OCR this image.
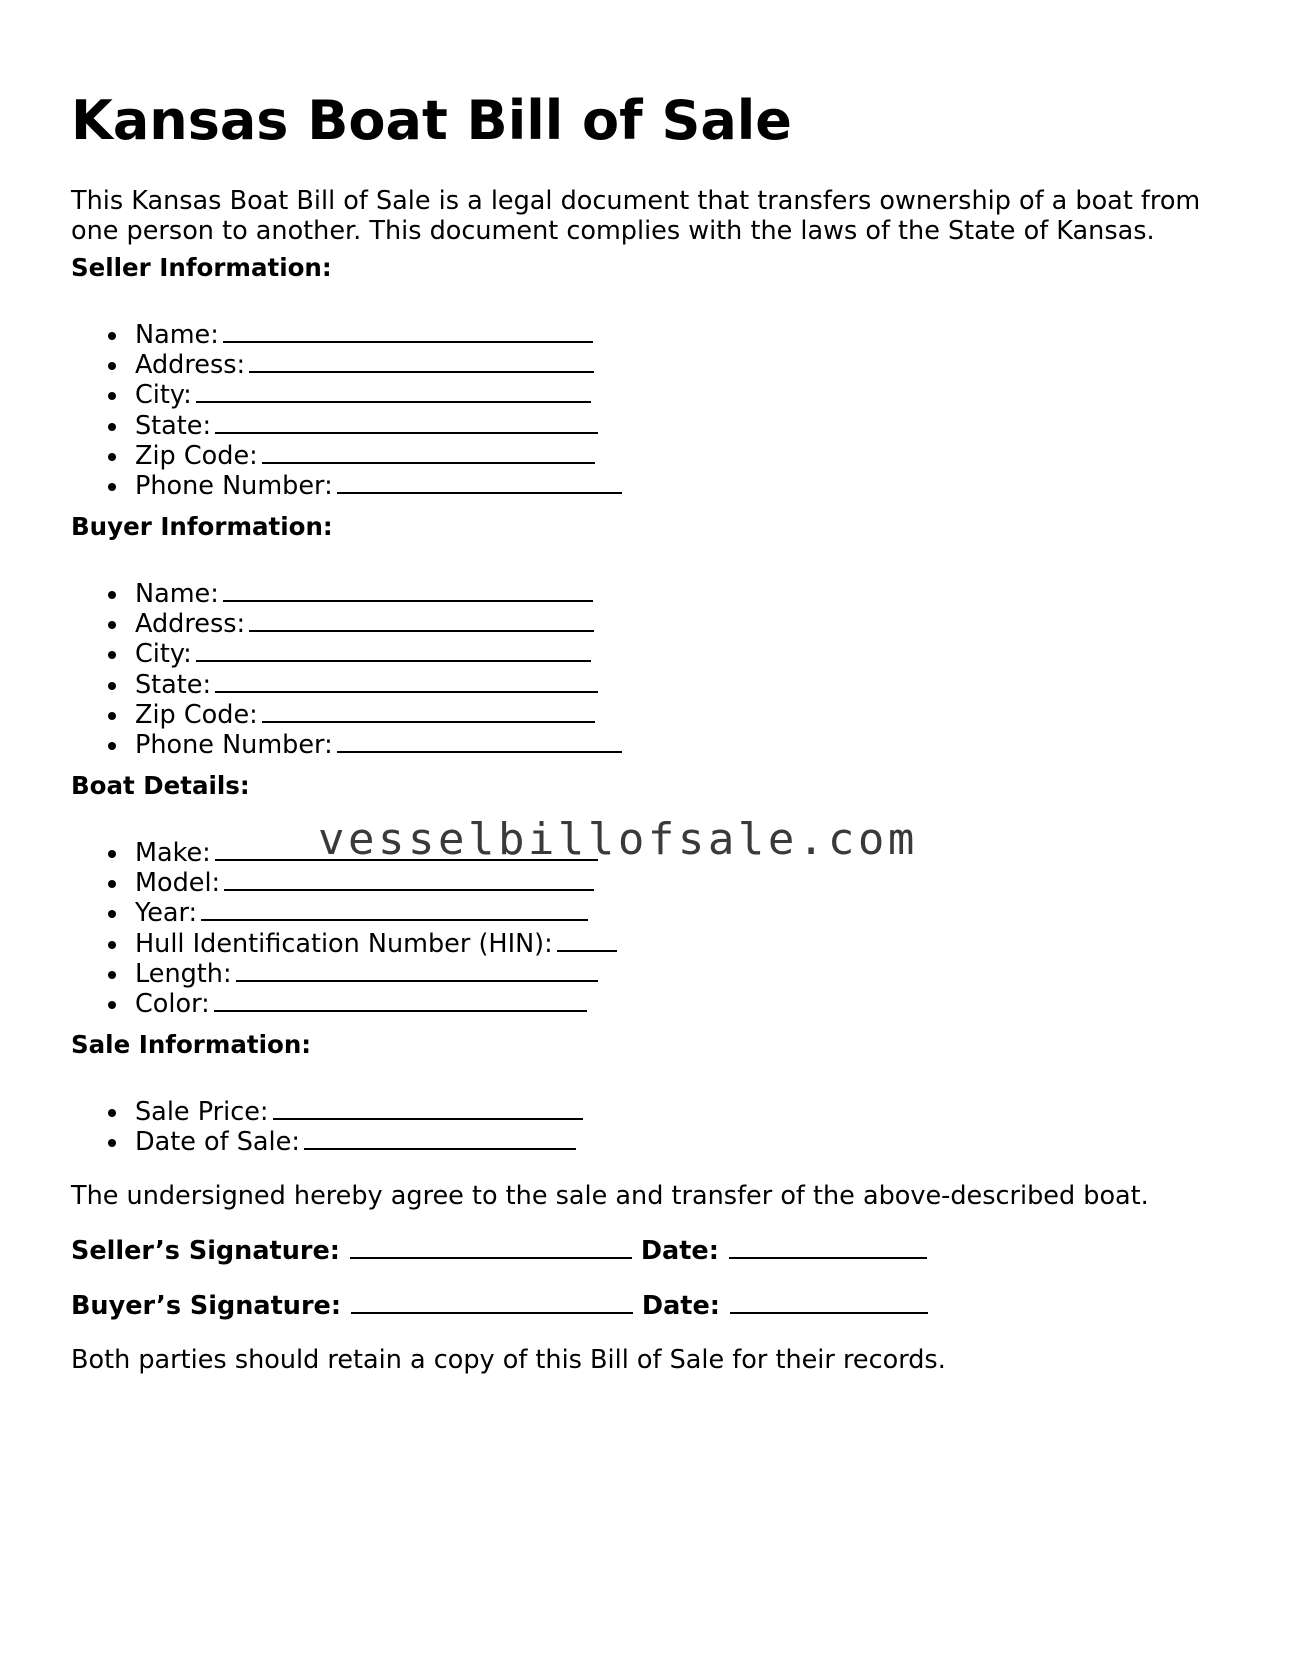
Kansas Boat Bill of Sale

This Kansas Boat Bill of Sale is a legal document that transfers ownership of a boat from one person to another. This document complies with the laws of the State of Kansas.

Seller Information:
Name:
Address:
City:
State:
Zip Code:
Phone Number:
Buyer Information:
Name:
Address:
City:
State:
Zip Code:
Phone Number:
Boat Details:
Make:
Model:
Year:
Hull Identification Number (HIN):
Length:
Color:
Sale Information:
Sale Price:
Date of Sale:

The undersigned hereby agree to the sale and transfer of the above-described boat.

Seller’s Signature:	Date:

Buyer’s Signature:	Date:

Both parties should retain a copy of this Bill of Sale for their records.

vesselbillofsale.com
